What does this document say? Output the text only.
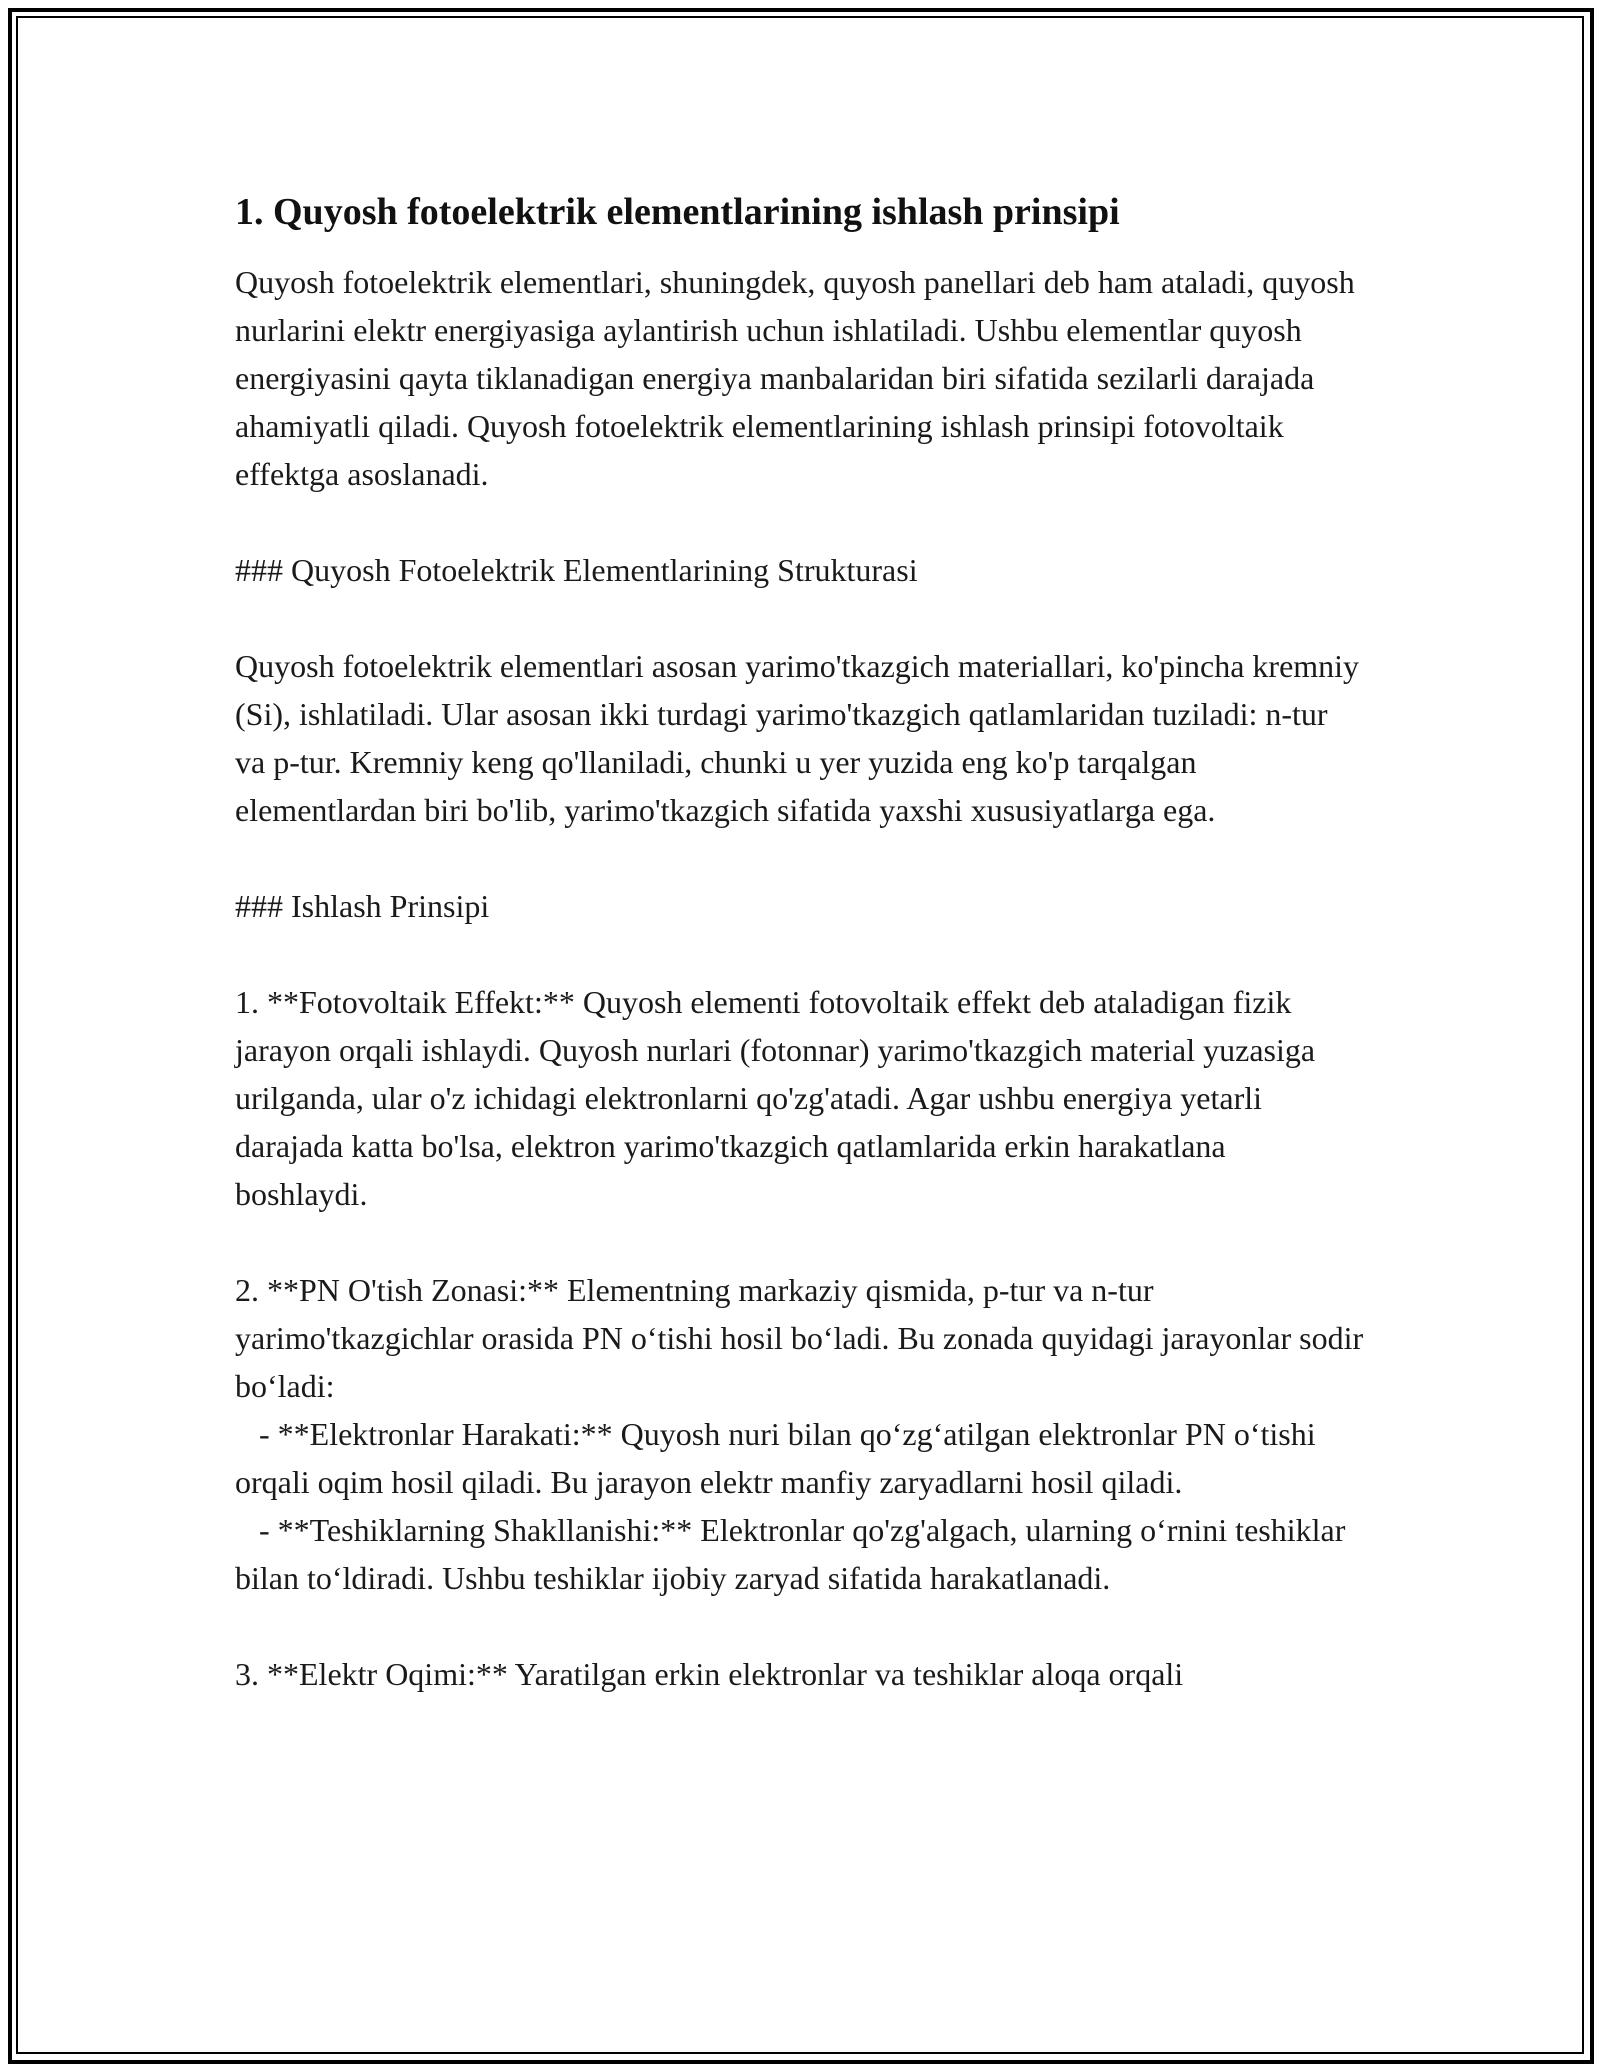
1. Quyosh fotoelektrik elementlarining ishlash prinsipi

Quyosh fotoelektrik elementlari, shuningdek, quyosh panellari deb ham ataladi, quyosh nurlarini elektr energiyasiga aylantirish uchun ishlatiladi. Ushbu elementlar quyosh energiyasini qayta tiklanadigan energiya manbalaridan biri sifatida sezilarli darajada ahamiyatli qiladi. Quyosh fotoelektrik elementlarining ishlash prinsipi fotovoltaik effektga asoslanadi.

### Quyosh Fotoelektrik Elementlarining Strukturasi

Quyosh fotoelektrik elementlari asosan yarimo'tkazgich materiallari, ko'pincha kremniy (Si), ishlatiladi. Ular asosan ikki turdagi yarimo'tkazgich qatlamlaridan tuziladi: n-tur va p-tur. Kremniy keng qo'llaniladi, chunki u yer yuzida eng ko'p tarqalgan elementlardan biri bo'lib, yarimo'tkazgich sifatida yaxshi xususiyatlarga ega.

### Ishlash Prinsipi

1. **Fotovoltaik Effekt:** Quyosh elementi fotovoltaik effekt deb ataladigan fizik jarayon orqali ishlaydi. Quyosh nurlari (fotonnar) yarimo'tkazgich material yuzasiga urilganda, ular o'z ichidagi elektronlarni qo'zg'atadi. Agar ushbu energiya yetarli darajada katta bo'lsa, elektron yarimo'tkazgich qatlamlarida erkin harakatlana boshlaydi.

2. **PN O'tish Zonasi:** Elementning markaziy qismida, p-tur va n-tur yarimo'tkazgichlar orasida PN oʻtishi hosil boʻladi. Bu zonada quyidagi jarayonlar sodir boʻladi:
- **Elektronlar Harakati:** Quyosh nuri bilan qoʻzgʻatilgan elektronlar PN oʻtishi orqali oqim hosil qiladi. Bu jarayon elektr manfiy zaryadlarni hosil qiladi.
- **Teshiklarning Shakllanishi:** Elektronlar qo'zg'algach, ularning oʻrnini teshiklar bilan toʻldiradi. Ushbu teshiklar ijobiy zaryad sifatida harakatlanadi.

3. **Elektr Oqimi:** Yaratilgan erkin elektronlar va teshiklar aloqa orqali
